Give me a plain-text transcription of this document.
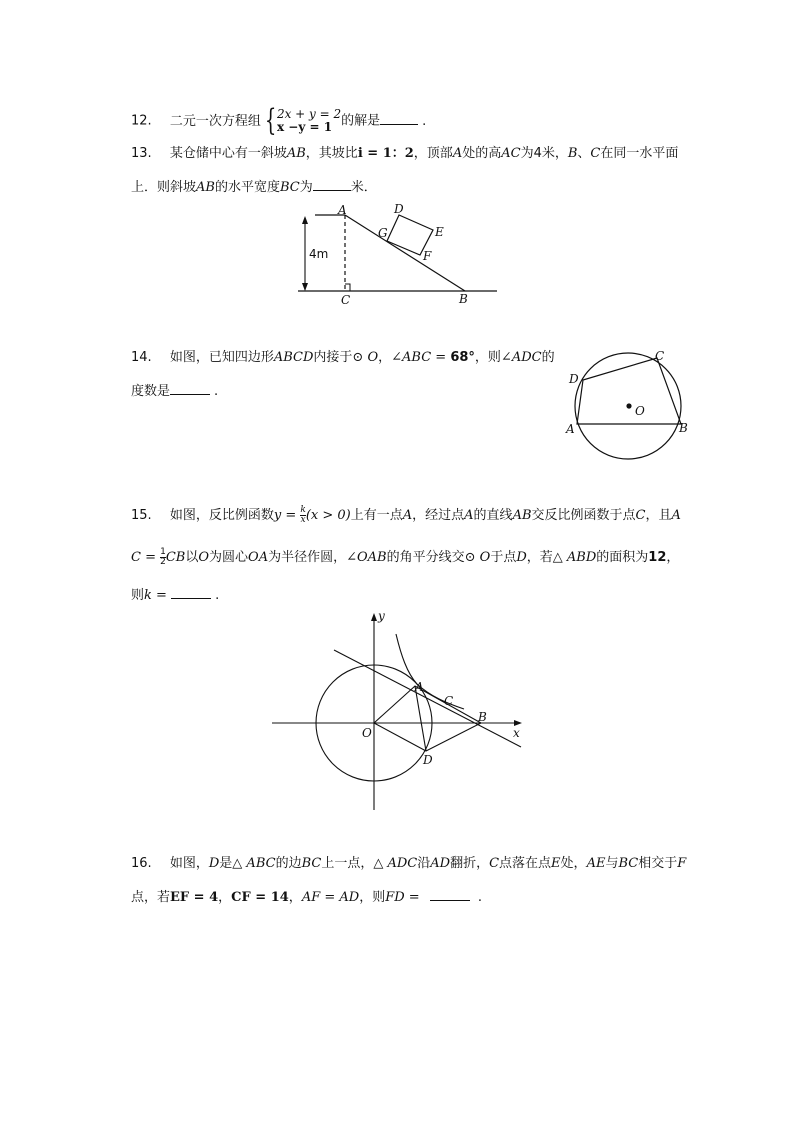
12. 二元一次方程组 { 2x + y = 2
x −y = 1 的解是	.
13. 某仓储中心有一斜坡AB，其坡比i = 1：2，顶部A处的高AC为4米，B、C在同一水平面
上．则斜坡AB的水平宽度BC为	米．
A
B
C
D
E
F
G
4m
14. 如图，已知四边形ABCD内接于⊙ O，∠ABC = 68°，则∠ADC的
度数是	.
A	B
C
D
O
15. 如图，反比例函数$y = \frac{k}{x} (x > 0)$上有一点A，经过点A的直线AB交反比例函数于点C，且A
$C = \frac{1}{2}$ CB以O为圆心OA为半径作圆，∠OAB的角平分线交⊙ O于点D，若△ ABD的面积为12，
则k =	.
y
x
O
A
B
C
D
16. 如图，D是△ ABC的边BC上一点，△ ADC沿AD翻折，C点落在点E处，AE与BC相交于F
点，若EF = 4，CF = 14，AF = AD，则FD =	.
